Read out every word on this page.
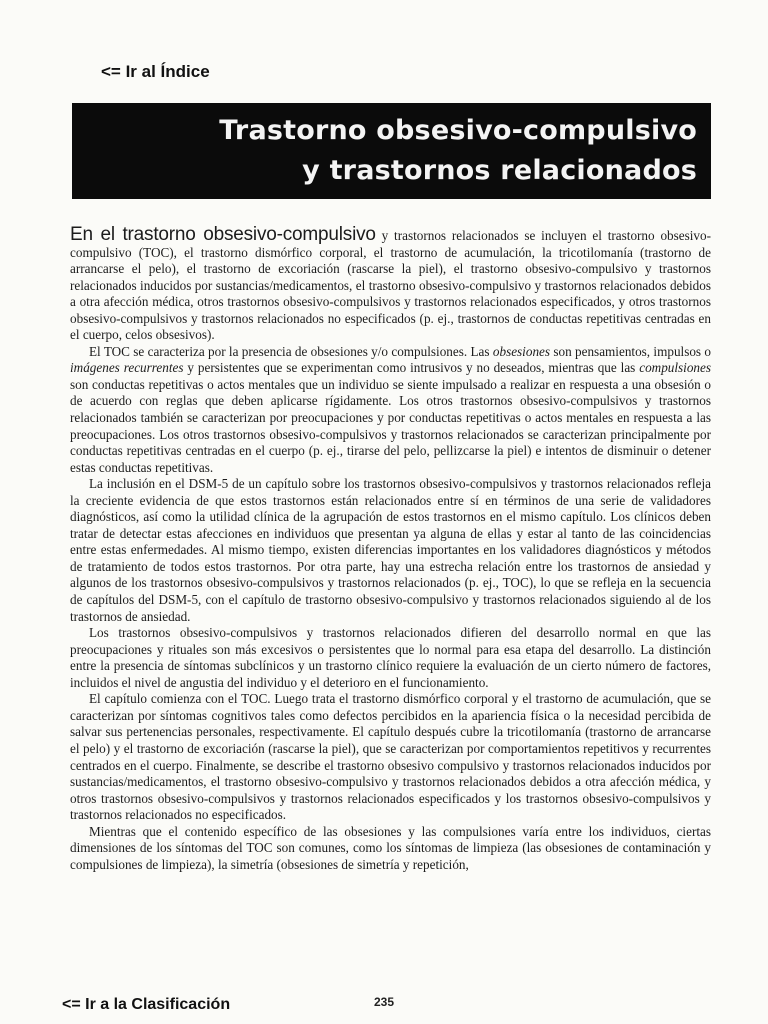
<= Ir al Índice
Trastorno obsesivo-compulsivo
y trastornos relacionados

En el trastorno obsesivo-compulsivo y trastornos relacionados se incluyen el trastorno obsesivo-compulsivo (TOC), el trastorno dismórfico corporal, el trastorno de acumulación, la tricotilomanía (trastorno de arrancarse el pelo), el trastorno de excoriación (rascarse la piel), el trastorno obsesivo-compulsivo y trastornos relacionados inducidos por sustancias/medicamentos, el trastorno obsesivo-compulsivo y trastornos relacionados debidos a otra afección médica, otros trastornos obsesivo-compulsivos y trastornos relacionados especificados, y otros trastornos obsesivo-compulsivos y trastornos relacionados no especificados (p. ej., trastornos de conductas repetitivas centradas en el cuerpo, celos obsesivos).

El TOC se caracteriza por la presencia de obsesiones y/o compulsiones. Las obsesiones son pensamientos, impulsos o imágenes recurrentes y persistentes que se experimentan como intrusivos y no deseados, mientras que las compulsiones son conductas repetitivas o actos mentales que un individuo se siente impulsado a realizar en respuesta a una obsesión o de acuerdo con reglas que deben aplicarse rígidamente. Los otros trastornos obsesivo-compulsivos y trastornos relacionados también se caracterizan por preocupaciones y por conductas repetitivas o actos mentales en respuesta a las preocupaciones. Los otros trastornos obsesivo-compulsivos y trastornos relacionados se caracterizan principalmente por conductas repetitivas centradas en el cuerpo (p. ej., tirarse del pelo, pellizcarse la piel) e intentos de disminuir o detener estas conductas repetitivas.

La inclusión en el DSM-5 de un capítulo sobre los trastornos obsesivo-compulsivos y trastornos relacionados refleja la creciente evidencia de que estos trastornos están relacionados entre sí en términos de una serie de validadores diagnósticos, así como la utilidad clínica de la agrupación de estos trastornos en el mismo capítulo. Los clínicos deben tratar de detectar estas afecciones en individuos que presentan ya alguna de ellas y estar al tanto de las coincidencias entre estas enfermedades. Al mismo tiempo, existen diferencias importantes en los validadores diagnósticos y métodos de tratamiento de todos estos trastornos. Por otra parte, hay una estrecha relación entre los trastornos de ansiedad y algunos de los trastornos obsesivo-compulsivos y trastornos relacionados (p. ej., TOC), lo que se refleja en la secuencia de capítulos del DSM-5, con el capítulo de trastorno obsesivo-compulsivo y trastornos relacionados siguiendo al de los trastornos de ansiedad.

Los trastornos obsesivo-compulsivos y trastornos relacionados difieren del desarrollo normal en que las preocupaciones y rituales son más excesivos o persistentes que lo normal para esa etapa del desarrollo. La distinción entre la presencia de síntomas subclínicos y un trastorno clínico requiere la evaluación de un cierto número de factores, incluidos el nivel de angustia del individuo y el deterioro en el funcionamiento.

El capítulo comienza con el TOC. Luego trata el trastorno dismórfico corporal y el trastorno de acumulación, que se caracterizan por síntomas cognitivos tales como defectos percibidos en la apariencia física o la necesidad percibida de salvar sus pertenencias personales, respectivamente. El capítulo después cubre la tricotilomanía (trastorno de arrancarse el pelo) y el trastorno de excoriación (rascarse la piel), que se caracterizan por comportamientos repetitivos y recurrentes centrados en el cuerpo. Finalmente, se describe el trastorno obsesivo compulsivo y trastornos relacionados inducidos por sustancias/medicamentos, el trastorno obsesivo-compulsivo y trastornos relacionados debidos a otra afección médica, y otros trastornos obsesivo-compulsivos y trastornos relacionados especificados y los trastornos obsesivo-compulsivos y trastornos relacionados no especificados.

Mientras que el contenido específico de las obsesiones y las compulsiones varía entre los individuos, ciertas dimensiones de los síntomas del TOC son comunes, como los síntomas de limpieza (las obsesiones de contaminación y compulsiones de limpieza), la simetría (obsesiones de simetría y repetición,

<= Ir a la Clasificación	235
